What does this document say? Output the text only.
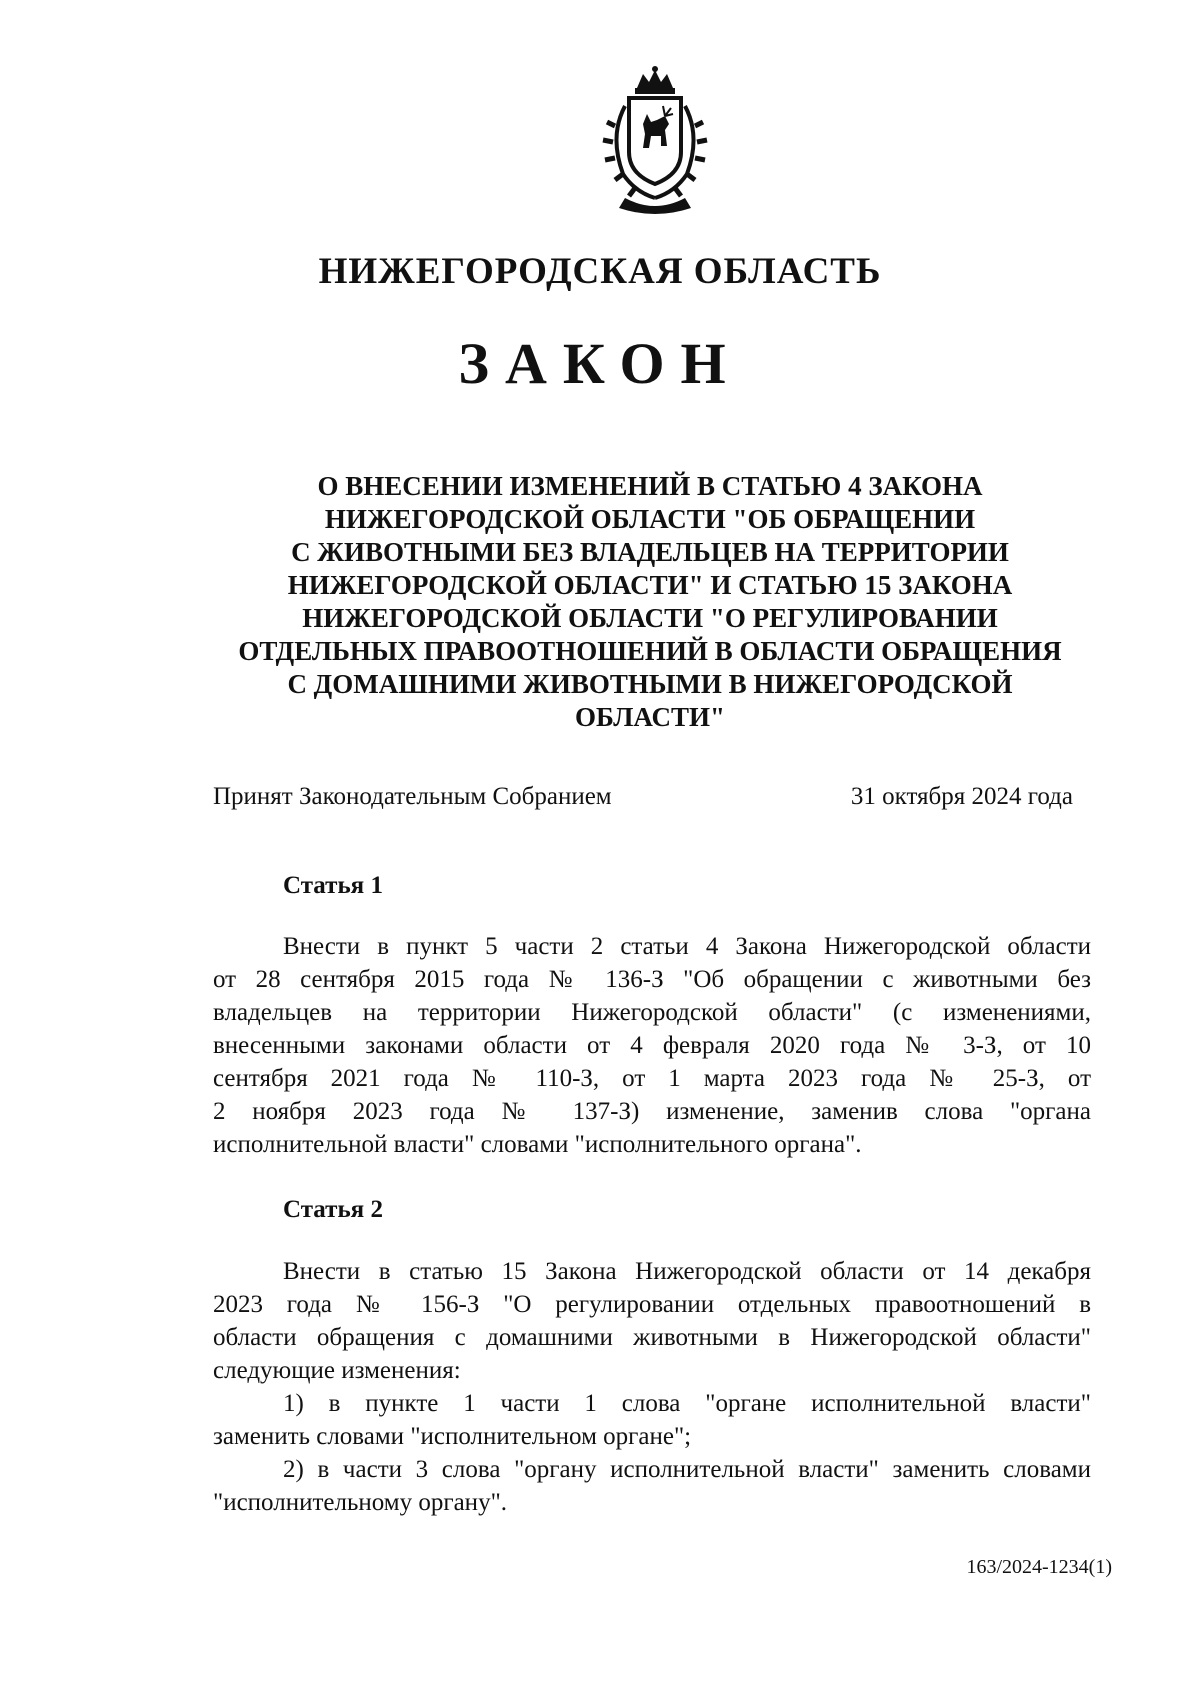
НИЖЕГОРОДСКАЯ ОБЛАСТЬ
ЗАКОН
О ВНЕСЕНИИ ИЗМЕНЕНИЙ В СТАТЬЮ 4 ЗАКОНА
НИЖЕГОРОДСКОЙ ОБЛАСТИ "ОБ ОБРАЩЕНИИ
С ЖИВОТНЫМИ БЕЗ ВЛАДЕЛЬЦЕВ НА ТЕРРИТОРИИ
НИЖЕГОРОДСКОЙ ОБЛАСТИ" И СТАТЬЮ 15 ЗАКОНА
НИЖЕГОРОДСКОЙ ОБЛАСТИ "О РЕГУЛИРОВАНИИ
ОТДЕЛЬНЫХ ПРАВООТНОШЕНИЙ В ОБЛАСТИ ОБРАЩЕНИЯ
С ДОМАШНИМИ ЖИВОТНЫМИ В НИЖЕГОРОДСКОЙ
ОБЛАСТИ"
Принят Законодательным Собранием	31 октября 2024 года
Статья 1
Внести в пункт 5 части 2 статьи 4 Закона Нижегородской области
от 28 сентября 2015 года № 136-З "Об обращении с животными без
владельцев на территории Нижегородской области" (с изменениями,
внесенными законами области от 4 февраля 2020 года № 3-З, от 10
сентября 2021 года № 110-З, от 1 марта 2023 года № 25-З, от
2 ноября 2023 года № 137-З) изменение, заменив слова "органа
исполнительной власти" словами "исполнительного органа".
Статья 2
Внести в статью 15 Закона Нижегородской области от 14 декабря
2023 года № 156-З "О регулировании отдельных правоотношений в
области обращения с домашними животными в Нижегородской области"
следующие изменения:
1) в пункте 1 части 1 слова "органе исполнительной власти"
заменить словами "исполнительном органе";
2) в части 3 слова "органу исполнительной власти" заменить словами
"исполнительному органу".
163/2024-1234(1)
